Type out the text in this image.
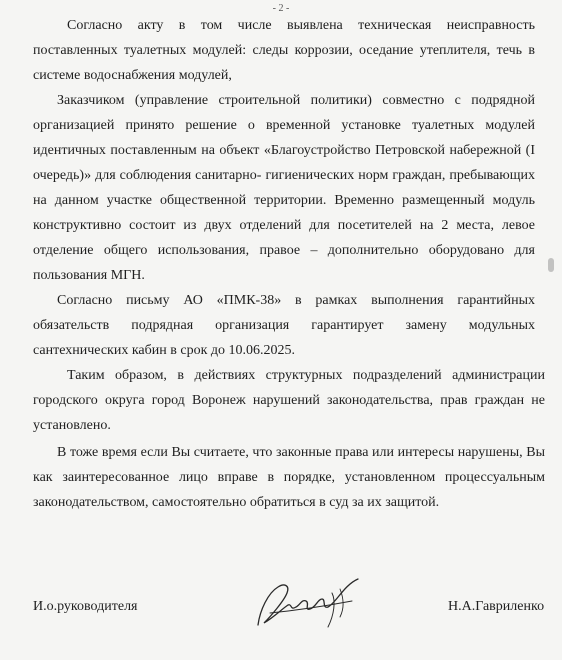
- 2 -

Согласно акту в том числе выявлена техническая неисправность поставленных туалетных модулей: следы коррозии, оседание утеплителя, течь в системе водоснабжения модулей,

Заказчиком (управление строительной политики) совместно с подрядной организацией принято решение о временной установке туалетных модулей идентичных поставленным на объект «Благоустройство Петровской набережной (I очередь)» для соблюдения санитарно- гигиенических норм граждан, пребывающих на данном участке общественной территории. Временно размещенный модуль конструктивно состоит из двух отделений для посетителей на 2 места, левое отделение общего использования, правое – дополнительно оборудовано для пользования МГН.

Согласно письму АО «ПМК-38» в рамках выполнения гарантийных обязательств подрядная организация гарантирует замену модульных сантехнических кабин в срок до 10.06.2025.

Таким образом, в действиях структурных подразделений администрации городского округа город Воронеж нарушений законодательства, прав граждан не установлено.

В тоже время если Вы считаете, что законные права или интересы нарушены, Вы как заинтересованное лицо вправе в порядке, установленном процессуальным законодательством, самостоятельно обратиться в суд за их защитой.

И.о.руководителя	Н.А.Гавриленко
